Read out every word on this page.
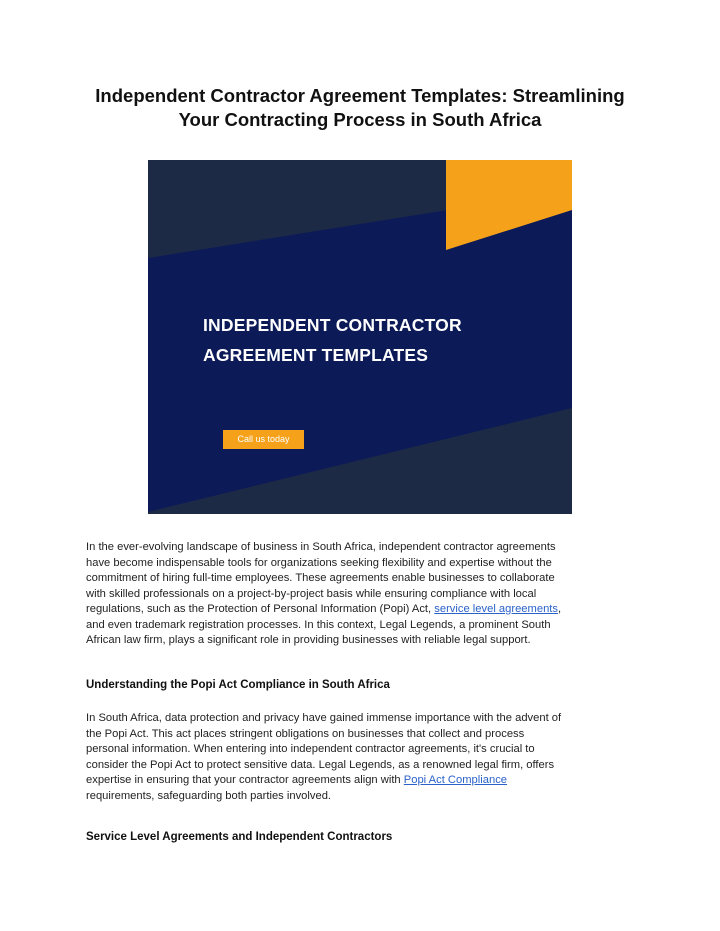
Independent Contractor Agreement Templates: Streamlining
Your Contracting Process in South Africa
INDEPENDENT CONTRACTOR
AGREEMENT TEMPLATES
Call us today

In the ever-evolving landscape of business in South Africa, independent contractor agreements
have become indispensable tools for organizations seeking flexibility and expertise without the
commitment of hiring full-time employees. These agreements enable businesses to collaborate
with skilled professionals on a project-by-project basis while ensuring compliance with local
regulations, such as the Protection of Personal Information (Popi) Act, service level agreements,
and even trademark registration processes. In this context, Legal Legends, a prominent South
African law firm, plays a significant role in providing businesses with reliable legal support.

Understanding the Popi Act Compliance in South Africa

In South Africa, data protection and privacy have gained immense importance with the advent of
the Popi Act. This act places stringent obligations on businesses that collect and process
personal information. When entering into independent contractor agreements, it's crucial to
consider the Popi Act to protect sensitive data. Legal Legends, as a renowned legal firm, offers
expertise in ensuring that your contractor agreements align with Popi Act Compliance
requirements, safeguarding both parties involved.

Service Level Agreements and Independent Contractors
